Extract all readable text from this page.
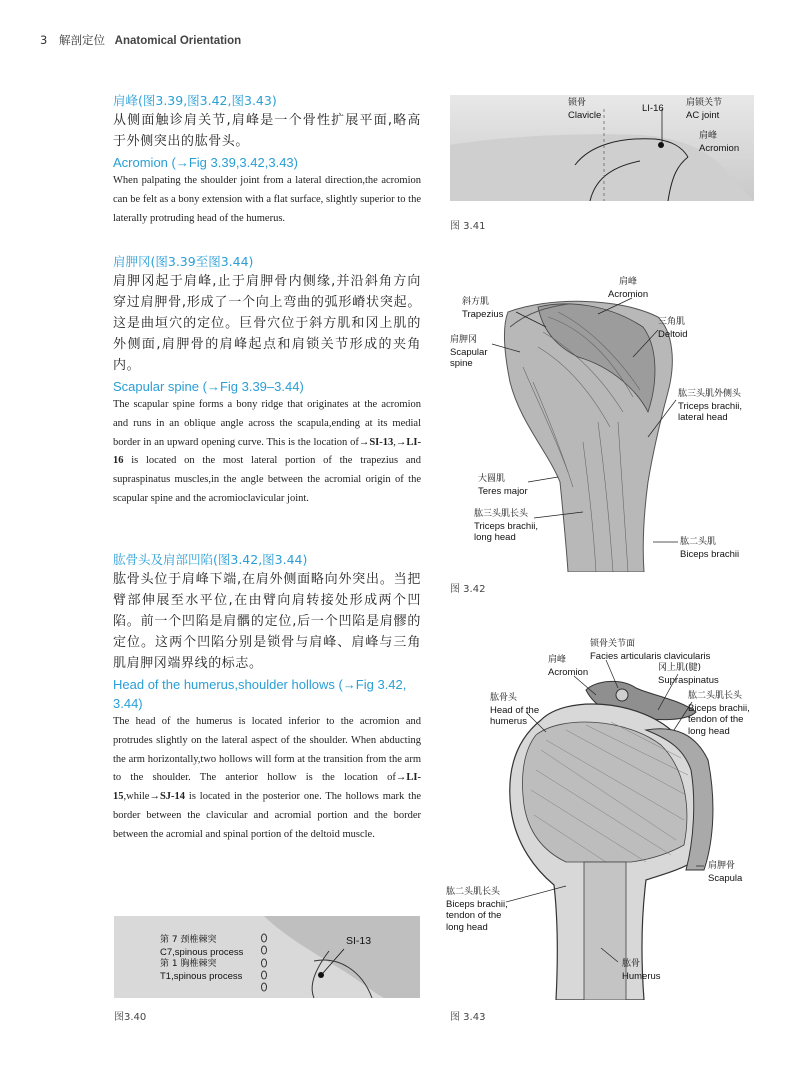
3 解剖定位 Anatomical Orientation
肩峰(图3.39,图3.42,图3.43)
从侧面触诊肩关节,肩峰是一个骨性扩展平面,略高于外侧突出的肱骨头。
Acromion (→Fig 3.39,3.42,3.43)
When palpating the shoulder joint from a lateral direction,the acromion can be felt as a bony extension with a flat surface, slightly superior to the laterally protruding head of the humerus.
肩胛冈(图3.39至图3.44)
肩胛冈起于肩峰,止于肩胛骨内侧缘,并沿斜角方向穿过肩胛骨,形成了一个向上弯曲的弧形嵴状突起。这是曲垣穴的定位。巨骨穴位于斜方肌和冈上肌的外侧面,肩胛骨的肩峰起点和肩锁关节形成的夹角内。
Scapular spine (→Fig 3.39–3.44)
The scapular spine forms a bony ridge that originates at the acromion and runs in an oblique angle across the scapula,ending at its medial border in an upward opening curve. This is the location of→SI-13,→LI-16 is located on the most lateral portion of the trapezius and supraspinatus muscles,in the angle between the acromial origin of the scapular spine and the acromioclavicular joint.
肱骨头及肩部凹陷(图3.42,图3.44)
肱骨头位于肩峰下端,在肩外侧面略向外突出。当把臂部伸展至水平位,在由臂向肩转接处形成两个凹陷。前一个凹陷是肩髃的定位,后一个凹陷是肩髎的定位。这两个凹陷分别是锁骨与肩峰、肩峰与三角肌肩胛冈端界线的标志。
Head of the humerus,shoulder hollows (→Fig 3.42, 3.44)
The head of the humerus is located inferior to the acromion and protrudes slightly on the lateral aspect of the shoulder. When abducting the arm horizontally,two hollows will form at the transition from the arm to the shoulder. The anterior hollow is the location of→LI-15,while→SJ-14 is located in the posterior one. The hollows mark the border between the clavicular and acromial portion and the border between the acromial and spinal portion of the deltoid muscle.
第 7 颈椎棘突
C7,spinous process
第 1 胸椎棘突
T1,spinous process
SI-13
图3.40
锁骨
Clavicle
LI-16 肩锁关节
AC joint
肩峰
Acromion
图 3.41
肩峰
Acromion
斜方肌
Trapezius
三角肌
Deltoid
肩胛冈
Scapular spine
肱三头肌外侧头
Triceps brachii, lateral head
大圆肌
Teres major
肱三头肌长头
Triceps brachii, long head	肱二头肌
Biceps brachii
图 3.42
锁骨关节面
Facies articularis clavicularis
肩峰
Acromion	冈上肌(腱)
Supraspinatus
肱骨头
Head of the humerus
肱二头肌长头
Biceps brachii, tendon of the long head
肩胛骨
Scapula
肱二头肌长头
Biceps brachii, tendon of the long head
肱骨
Humerus
图 3.43
